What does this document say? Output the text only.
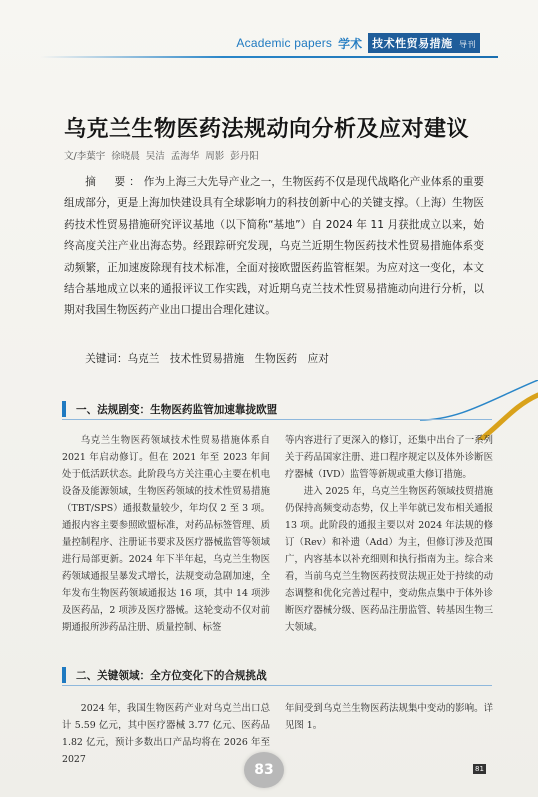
Academic papers 学术 技术性贸易措施 导刊
乌克兰生物医药法规动向分析及应对建议
文/李葉宇 徐晓晨 吴洁 孟海华 周影 彭丹阳

摘　要：作为上海三大先导产业之一，生物医药不仅是现代战略化产业体系的重要组成部分，更是上海加快建设具有全球影响力的科技创新中心的关键支撑。（上海）生物医药技术性贸易措施研究评议基地（以下简称“基地”）自 2024 年 11 月获批成立以来，始终高度关注产业出海态势。经跟踪研究发现，乌克兰近期生物医药技术性贸易措施体系变动频繁，正加速废除现有技术标准，全面对接欧盟医药监管框架。为应对这一变化，本文结合基地成立以来的通报评议工作实践，对近期乌克兰技术性贸易措施动向进行分析，以期对我国生物医药产业出口提出合理化建议。

关键词：乌克兰　技术性贸易措施　生物医药　应对
一、法规剧变：生物医药监管加速靠拢欧盟

乌克兰生物医药领域技术性贸易措施体系自 2021 年启动修订。但在 2021 年至 2023 年间处于低活跃状态。此阶段乌方关注重心主要在机电设备及能源领域，生物医药领域的技术性贸易措施（TBT/SPS）通报数量较少，年均仅 2 至 3 项。通报内容主要参照欧盟标准，对药品标签管理、质量控制程序、注册证书要求及医疗器械监管等领域进行局部更新。2024 年下半年起，乌克兰生物医药领域通报呈暴发式增长，法规变动急剧加速，全年发布生物医药领域通报达 16 项，其中 14 项涉及医药品，2 项涉及医疗器械。这轮变动不仅对前期通报所涉药品注册、质量控制、标签

等内容进行了更深入的修订，还集中出台了一系列关于药品国家注册、进口程序规定以及体外诊断医疗器械（IVD）监管等新规或重大修订措施。

进入 2025 年，乌克兰生物医药领域技贸措施仍保持高频变动态势，仅上半年就已发布相关通报 13 项。此阶段的通报主要以对 2024 年法规的修订（Rev）和补遗（Add）为主，但修订涉及范围广，内容基本以补充细则和执行指南为主。综合来看，当前乌克兰生物医药技贸法规正处于持续的动态调整和优化完善过程中，变动焦点集中于体外诊断医疗器械分级、医药品注册监管、转基因生物三大领域。

二、关键领域：全方位变化下的合规挑战

2024 年，我国生物医药产业对乌克兰出口总计 5.59 亿元，其中医疗器械 3.77 亿元、医药品 1.82 亿元，预计多数出口产品均将在 2026 年至 2027

年间受到乌克兰生物医药法规集中变动的影响。详见图 1。

83	81
